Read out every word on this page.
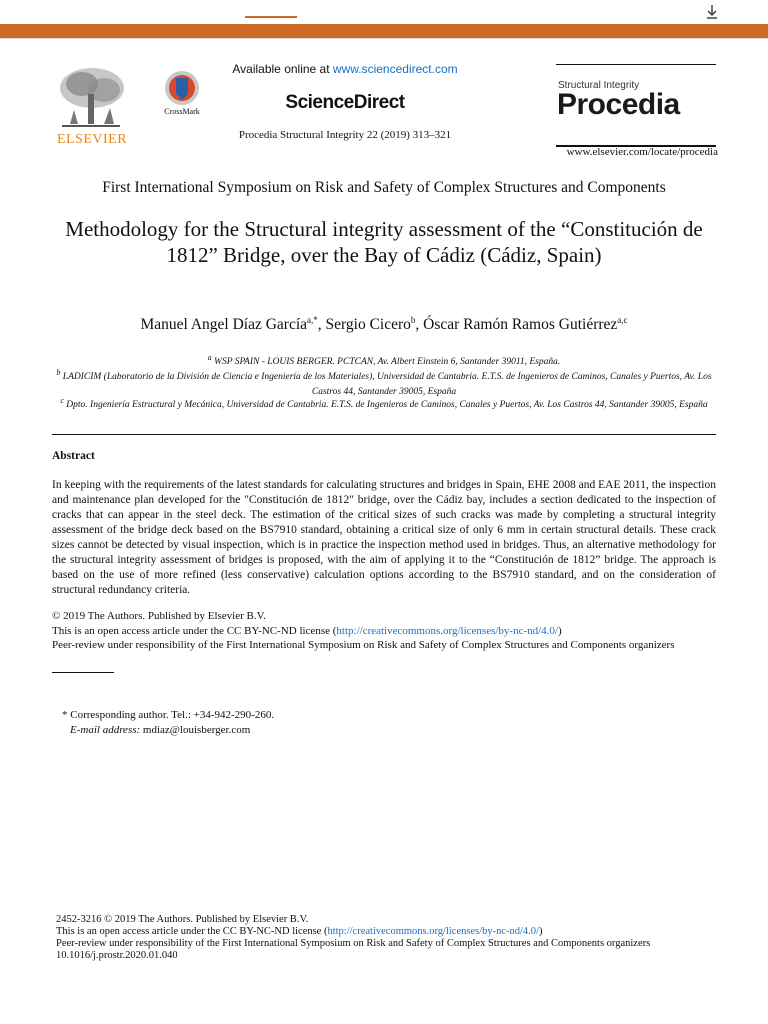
ELSEVIER
CrossMark
Available online at www.sciencedirect.com
ScienceDirect
Procedia Structural Integrity 22 (2019) 313–321
Structural Integrity
Procedia
www.elsevier.com/locate/procedia
First International Symposium on Risk and Safety of Complex Structures and Components
Methodology for the Structural integrity assessment of the “Constitución de 1812” Bridge, over the Bay of Cádiz (Cádiz, Spain)
Manuel Angel Díaz García$^{a,*}$, Sergio Cicero$^b$, Óscar Ramón Ramos Gutiérrez$^{a,c}$
$^a$ WSP SPAIN - LOUIS BERGER. PCTCAN, Av. Albert Einstein 6, Santander 39011, España.
$^b$ LADICIM (Laboratorio de la División de Ciencia e Ingeniería de los Materiales), Universidad de Cantabria. E.T.S. de Ingenieros de Caminos, Canales y Puertos, Av. Los Castros 44, Santander 39005, España
$^c$ Dpto. Ingeniería Estructural y Mecánica, Universidad de Cantabria. E.T.S. de Ingenieros de Caminos, Canales y Puertos, Av. Los Castros 44, Santander 39005, España
Abstract
In keeping with the requirements of the latest standards for calculating structures and bridges in Spain, EHE 2008 and EAE 2011, the inspection and maintenance plan developed for the "Constitución de 1812" bridge, over the Cádiz bay, includes a section dedicated to the inspection of cracks that can appear in the steel deck. The estimation of the critical sizes of such cracks was made by completing a structural integrity assessment of the bridge deck based on the BS7910 standard, obtaining a critical size of only 6 mm in certain structural details. These crack sizes cannot be detected by visual inspection, which is in practice the inspection method used in bridges. Thus, an alternative methodology for the structural integrity assessment of bridges is proposed, with the aim of applying it to the “Constitución de 1812” bridge. The approach is based on the use of more refined (less conservative) calculation options according to the BS7910 standard, and on the consideration of structural redundancy criteria.
© 2019 The Authors. Published by Elsevier B.V.
This is an open access article under the CC BY-NC-ND license (http://creativecommons.org/licenses/by-nc-nd/4.0/)
Peer-review under responsibility of the First International Symposium on Risk and Safety of Complex Structures and Components organizers
* Corresponding author. Tel.: +34-942-290-260.
E-mail address: mdiaz@louisberger.com
2452-3216 © 2019 The Authors. Published by Elsevier B.V.
This is an open access article under the CC BY-NC-ND license (http://creativecommons.org/licenses/by-nc-nd/4.0/)
Peer-review under responsibility of the First International Symposium on Risk and Safety of Complex Structures and Components organizers
10.1016/j.prostr.2020.01.040
